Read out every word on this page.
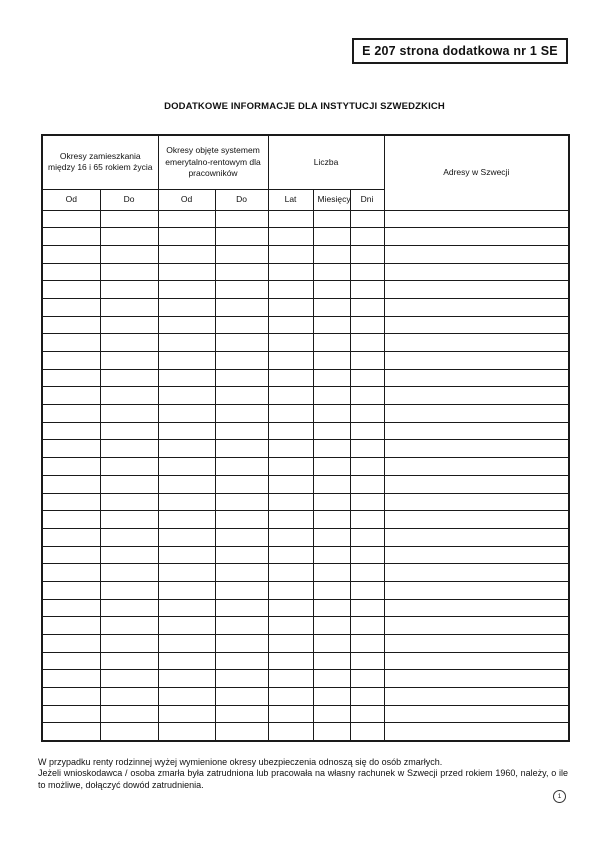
E 207 strona dodatkowa nr 1 SE
DODATKOWE INFORMACJE DLA INSTYTUCJI SZWEDZKICH
Okresy zamieszkania między 16 i 65 rokiem życia		Okresy objęte systemem emerytalno-rentowym dla pracowników		Liczba			Adresy w Szwecji
Od	Do	Od	Do	Lat	Miesięcy	Dni	

W przypadku renty rodzinnej wyżej wymienione okresy ubezpieczenia odnoszą się do osób zmarłych.
Jeżeli wnioskodawca / osoba zmarła była zatrudniona lub pracowała na własny rachunek w Szwecji przed rokiem 1960, należy, o ile to możliwe, dołączyć dowód zatrudnienia.
1
